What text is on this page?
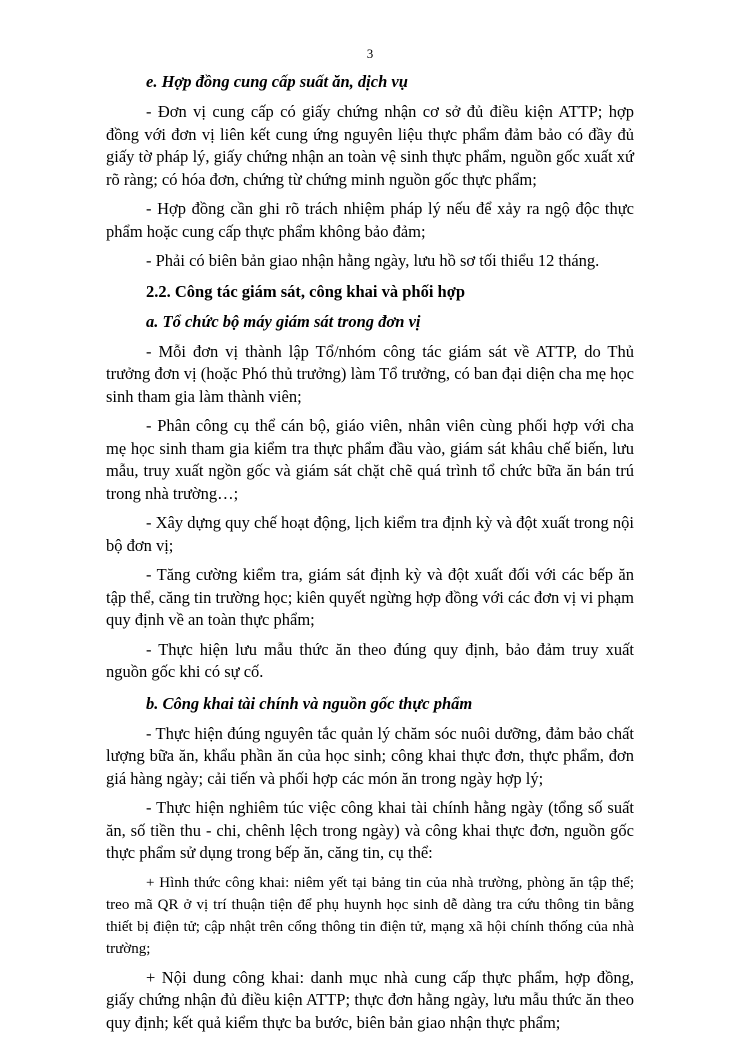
3

e. Hợp đồng cung cấp suất ăn, dịch vụ

- Đơn vị cung cấp có giấy chứng nhận cơ sở đủ điều kiện ATTP; hợp đồng với đơn vị liên kết cung ứng nguyên liệu thực phẩm đảm bảo có đầy đủ giấy tờ pháp lý, giấy chứng nhận an toàn vệ sinh thực phẩm, nguồn gốc xuất xứ rõ ràng; có hóa đơn, chứng từ chứng minh nguồn gốc thực phẩm;

- Hợp đồng cần ghi rõ trách nhiệm pháp lý nếu để xảy ra ngộ độc thực phẩm hoặc cung cấp thực phẩm không bảo đảm;

- Phải có biên bản giao nhận hằng ngày, lưu hồ sơ tối thiểu 12 tháng.

2.2. Công tác giám sát, công khai và phối hợp

a. Tổ chức bộ máy giám sát trong đơn vị

- Mỗi đơn vị thành lập Tổ/nhóm công tác giám sát về ATTP, do Thủ trưởng đơn vị (hoặc Phó thủ trưởng) làm Tổ trưởng, có ban đại diện cha mẹ học sinh tham gia làm thành viên;

- Phân công cụ thể cán bộ, giáo viên, nhân viên cùng phối hợp với cha mẹ học sinh tham gia kiểm tra thực phẩm đầu vào, giám sát khâu chế biến, lưu mẫu, truy xuất ngồn gốc và giám sát chặt chẽ quá trình tổ chức bữa ăn bán trú trong nhà trường…;

- Xây dựng quy chế hoạt động, lịch kiểm tra định kỳ và đột xuất trong nội bộ đơn vị;

- Tăng cường kiểm tra, giám sát định kỳ và đột xuất đối với các bếp ăn tập thể, căng tin trường học; kiên quyết ngừng hợp đồng với các đơn vị vi phạm quy định về an toàn thực phẩm;

- Thực hiện lưu mẫu thức ăn theo đúng quy định, bảo đảm truy xuất nguồn gốc khi có sự cố.

b. Công khai tài chính và nguồn gốc thực phẩm

- Thực hiện đúng nguyên tắc quản lý chăm sóc nuôi dưỡng, đảm bảo chất lượng bữa ăn, khẩu phần ăn của học sinh; công khai thực đơn, thực phẩm, đơn giá hàng ngày; cải tiến và phối hợp các món ăn trong ngày hợp lý;

- Thực hiện nghiêm túc việc công khai tài chính hằng ngày (tổng số suất ăn, số tiền thu - chi, chênh lệch trong ngày) và công khai thực đơn, nguồn gốc thực phẩm sử dụng trong bếp ăn, căng tin, cụ thể:

+ Hình thức công khai: niêm yết tại bảng tin của nhà trường, phòng ăn tập thể; treo mã QR ở vị trí thuận tiện để phụ huynh học sinh dễ dàng tra cứu thông tin bằng thiết bị điện tử; cập nhật trên cổng thông tin điện tử, mạng xã hội chính thống của nhà trường;

+ Nội dung công khai: danh mục nhà cung cấp thực phẩm, hợp đồng, giấy chứng nhận đủ điều kiện ATTP; thực đơn hằng ngày, lưu mẫu thức ăn theo quy định; kết quả kiểm thực ba bước, biên bản giao nhận thực phẩm;
